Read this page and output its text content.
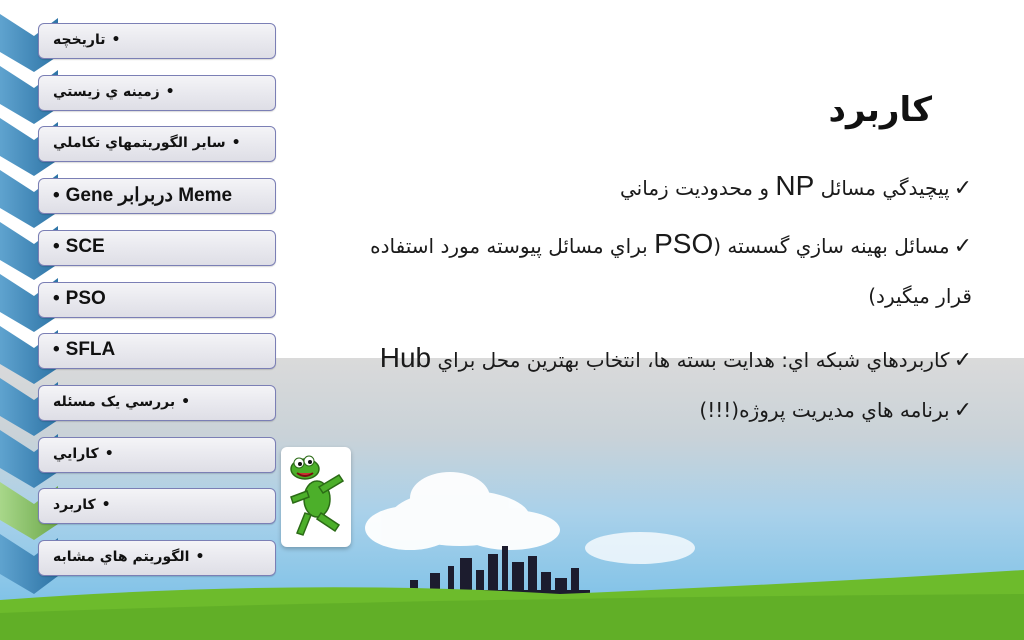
•تاريخچه
•زمينه ي زيستي
•ساير الگوريتمهاي تکاملي
• Gene دربرابر Meme
• SCE
• PSO
• SFLA
•بررسي يک مسئله
•کارايي
•کاربرد
•الگوريتم هاي مشابه
کاربرد
✓پيچيدگي مسائل NP و محدوديت زماني
✓مسائل بهينه سازي گسسته (PSO براي مسائل پيوسته مورد استفاده
قرار ميگيرد)
✓کاربردهاي شبکه اي: هدايت بسته ها، انتخاب بهترين محل براي Hub
✓برنامه هاي مديريت پروژه(!!!)
